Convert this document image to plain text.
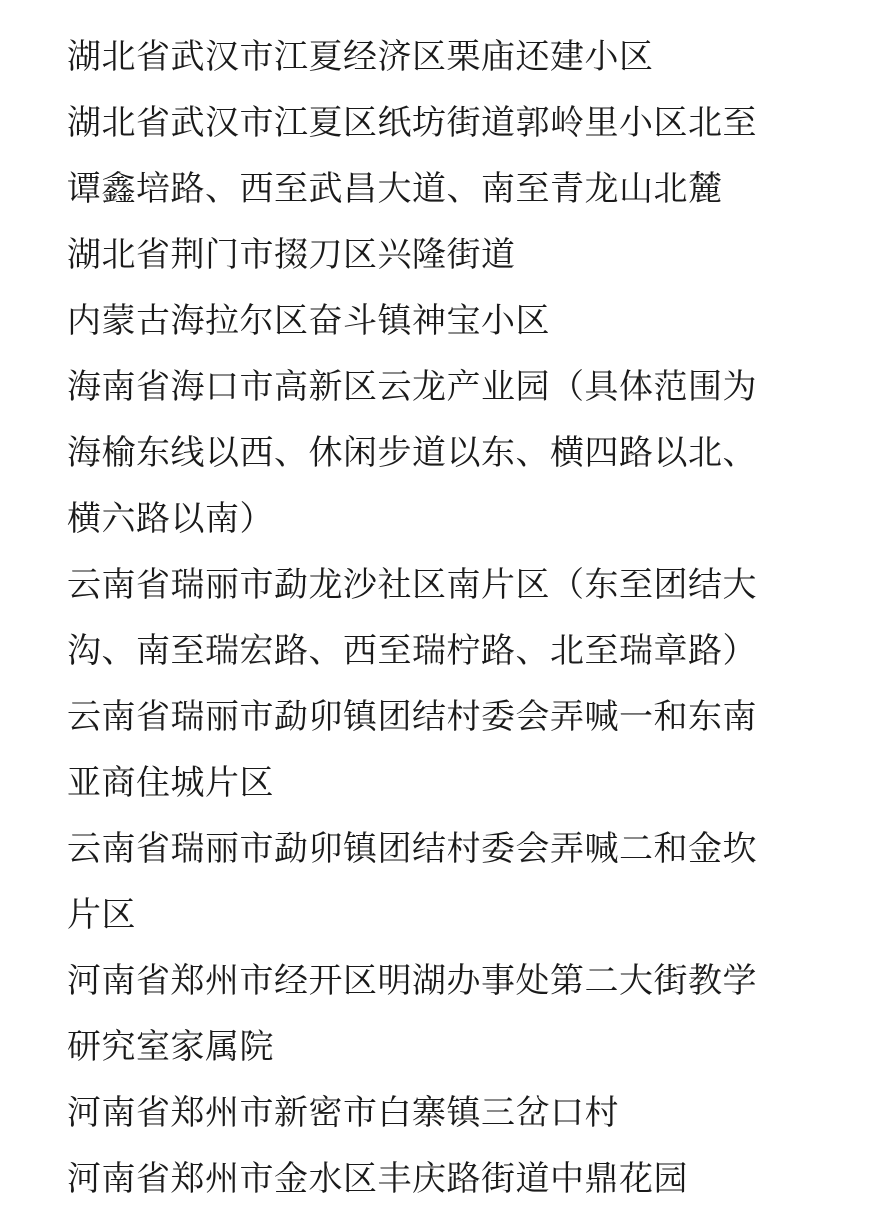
湖北省武汉市江夏经济区栗庙还建小区
湖北省武汉市江夏区纸坊街道郭岭里小区北至
谭鑫培路、西至武昌大道、南至青龙山北麓
湖北省荆门市掇刀区兴隆街道
内蒙古海拉尔区奋斗镇神宝小区
海南省海口市高新区云龙产业园（具体范围为
海榆东线以西、休闲步道以东、横四路以北、
横六路以南）
云南省瑞丽市勐龙沙社区南片区（东至团结大
沟、南至瑞宏路、西至瑞柠路、北至瑞章路）
云南省瑞丽市勐卯镇团结村委会弄喊一和东南
亚商住城片区
云南省瑞丽市勐卯镇团结村委会弄喊二和金坎
片区
河南省郑州市经开区明湖办事处第二大街教学
研究室家属院
河南省郑州市新密市白寨镇三岔口村
河南省郑州市金水区丰庆路街道中鼎花园
